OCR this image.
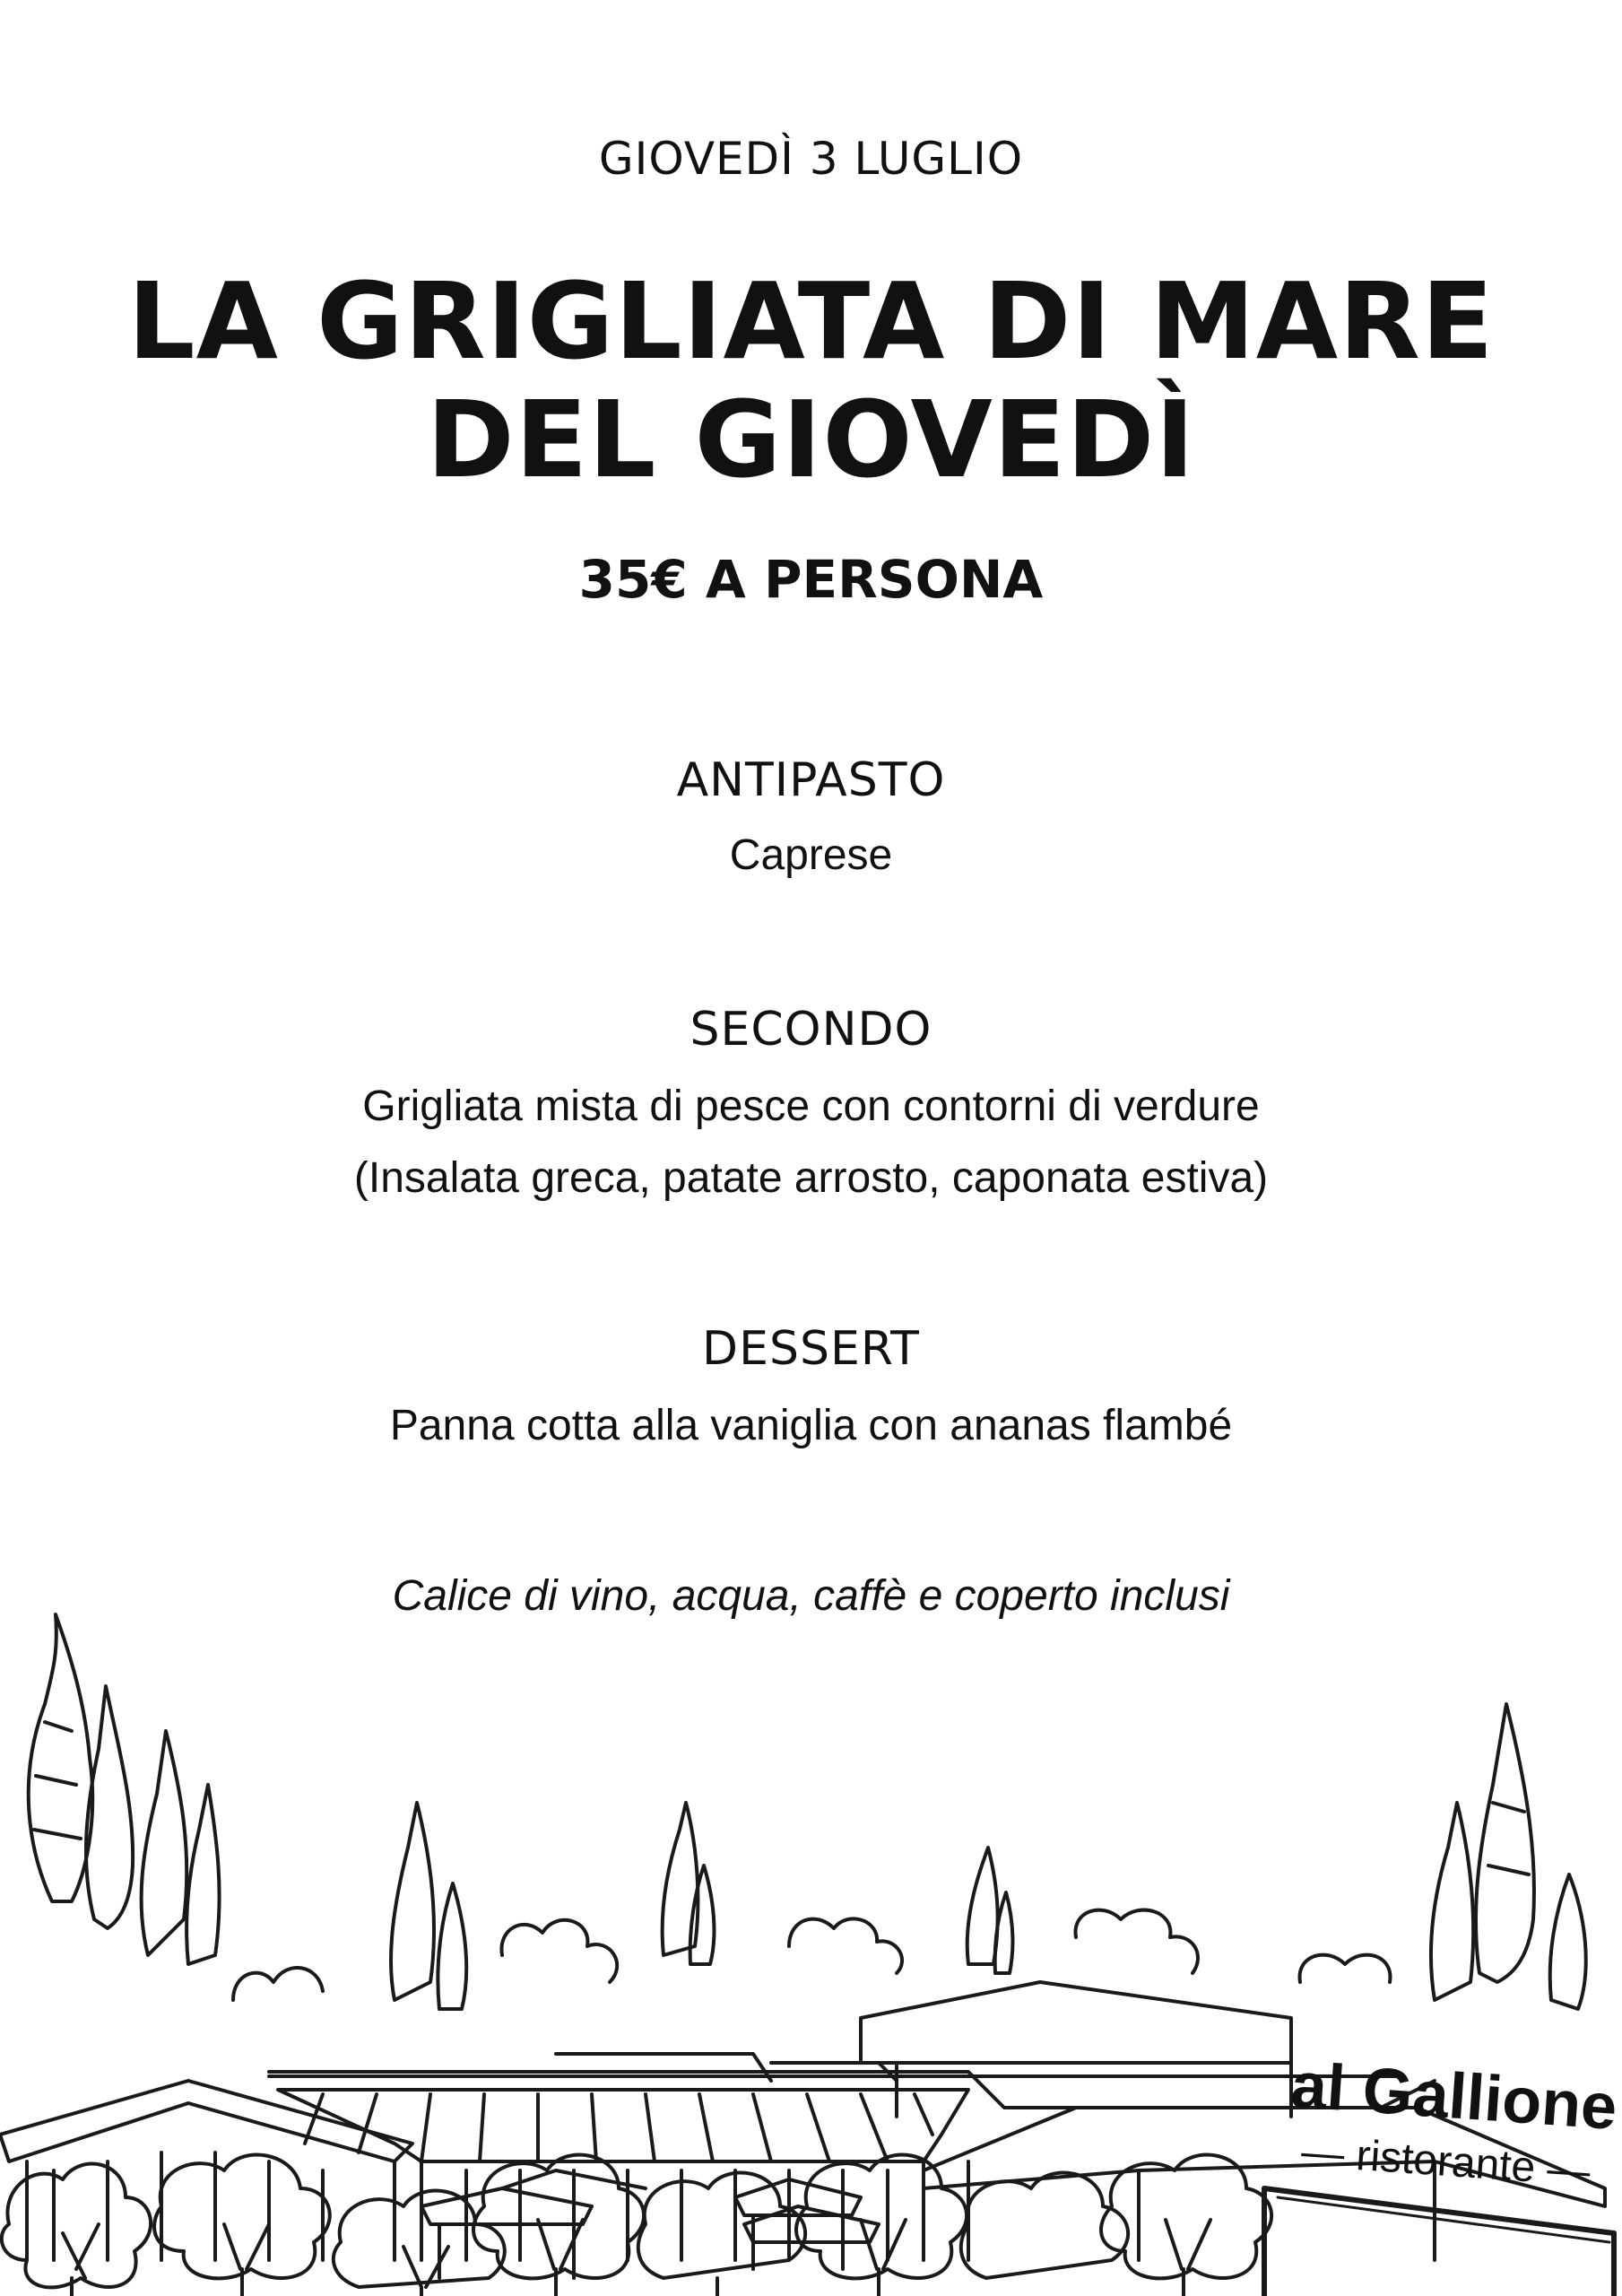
GIOVEDÌ 3 LUGLIO
LA GRIGLIATA DI MARE
DEL GIOVEDÌ
35€ A PERSONA
ANTIPASTO
Caprese
SECONDO
Grigliata mista di pesce con contorni di verdure
(Insalata greca, patate arrosto, caponata estiva)
DESSERT
Panna cotta alla vaniglia con ananas flambé
Calice di vino, acqua, caffè e coperto inclusi
al Gallione
— ristorante —
